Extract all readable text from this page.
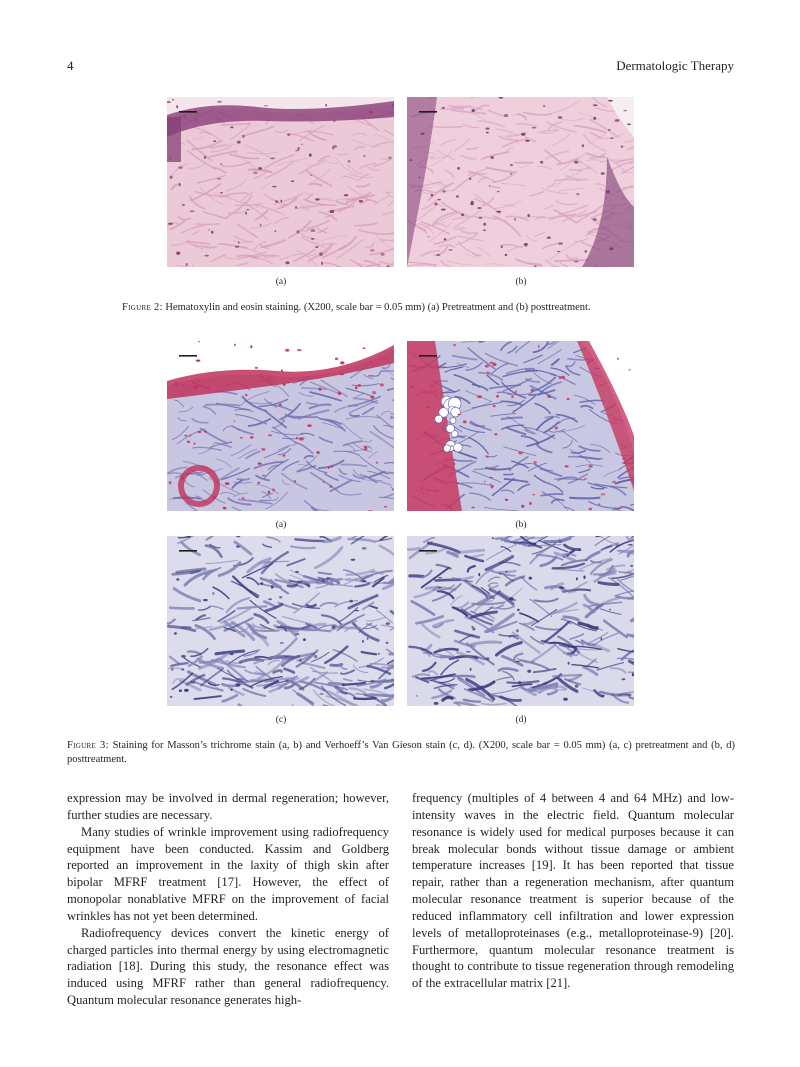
4	Dermatologic Therapy
(a)	(b)
Figure 2: Hematoxylin and eosin staining. (X200, scale bar = 0.05 mm) (a) Pretreatment and (b) posttreatment.
(a)	(b)
(c)	(d)
Figure 3: Staining for Masson’s trichrome stain (a, b) and Verhoeff’s Van Gieson stain (c, d). (X200, scale bar = 0.05 mm) (a, c) pretreatment and (b, d) posttreatment.

expression may be involved in dermal regeneration; however, further studies are necessary.

Many studies of wrinkle improvement using radiofrequency equipment have been conducted. Kassim and Goldberg reported an improvement in the laxity of thigh skin after bipolar MFRF treatment [17]. However, the effect of monopolar nonablative MFRF on the improvement of facial wrinkles has not yet been determined.

Radiofrequency devices convert the kinetic energy of charged particles into thermal energy by using electromagnetic radiation [18]. During this study, the resonance effect was induced using MFRF rather than general radiofrequency. Quantum molecular resonance generates high-

frequency (multiples of 4 between 4 and 64 MHz) and low-intensity waves in the electric field. Quantum molecular resonance is widely used for medical purposes because it can break molecular bonds without tissue damage or ambient temperature increases [19]. It has been reported that tissue repair, rather than a regeneration mechanism, after quantum molecular resonance treatment is superior because of the reduced inflammatory cell infiltration and lower expression levels of metalloproteinases (e.g., metalloproteinase-9) [20]. Furthermore, quantum molecular resonance treatment is thought to contribute to tissue regeneration through remodeling of the extracellular matrix [21].
